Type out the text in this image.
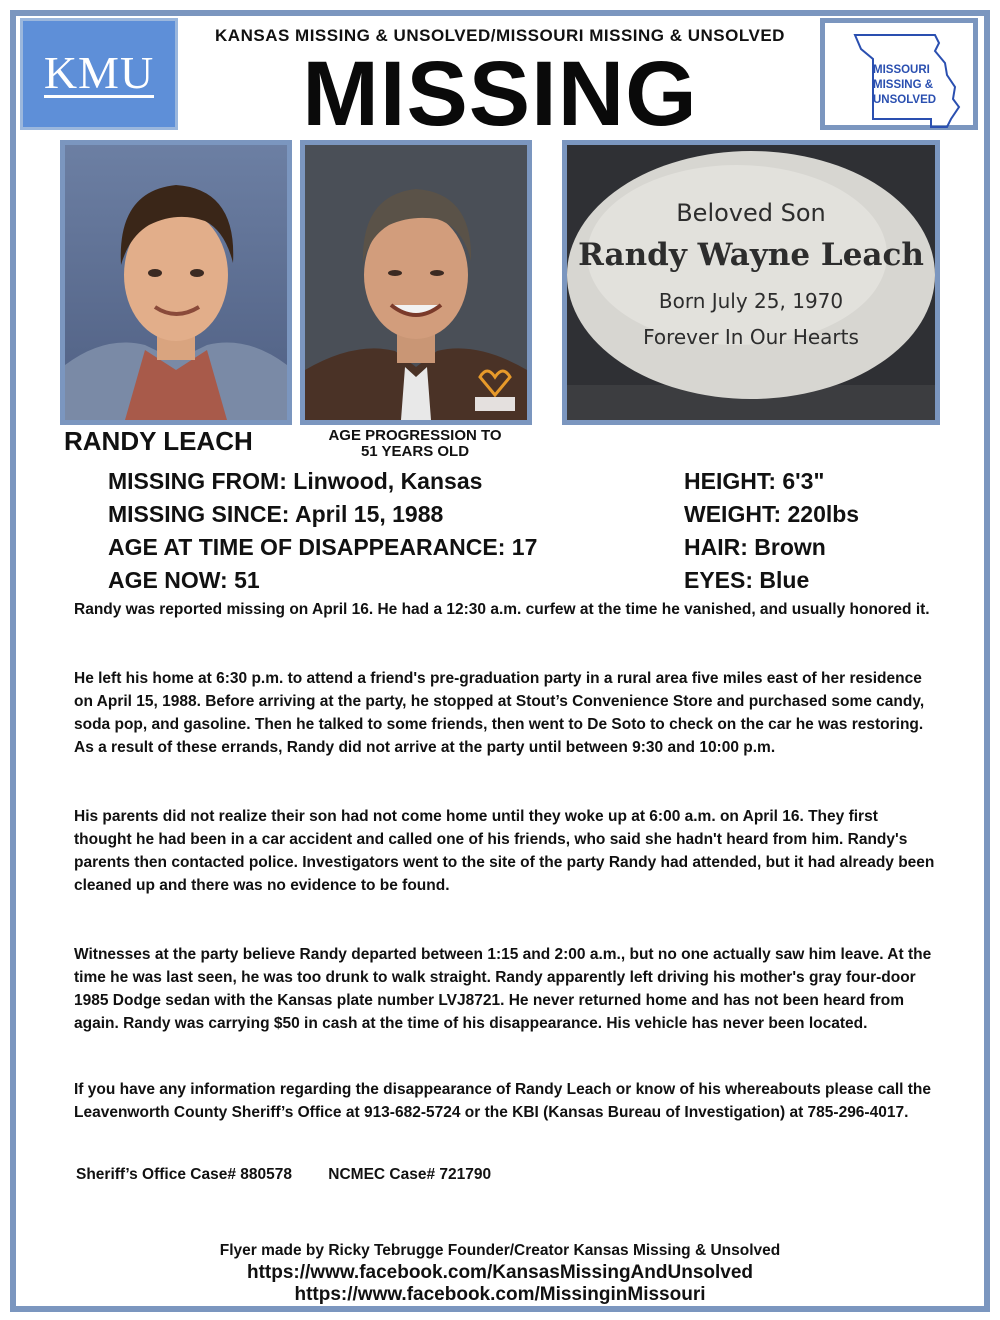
KMU
KANSAS MISSING & UNSOLVED/MISSOURI MISSING & UNSOLVED
MISSING	MISSOURI
MISSING &
UNSOLVED
Beloved Son
Randy Wayne Leach
Born July 25, 1970
Forever In Our Hearts
RANDY LEACH	AGE PROGRESSION TO
51 YEARS OLD
MISSING FROM: Linwood, Kansas
MISSING SINCE: April 15, 1988
AGE AT TIME OF DISAPPEARANCE: 17
AGE NOW: 51
HEIGHT: 6'3"
WEIGHT: 220lbs
HAIR: Brown
EYES: Blue

Randy was reported missing on April 16. He had a 12:30 a.m. curfew at the time he vanished, and usually honored it.

He left his home at 6:30 p.m. to attend a friend's pre-graduation party in a rural area five miles east of her residence on April 15, 1988. Before arriving at the party, he stopped at Stout’s Convenience Store and purchased some candy, soda pop, and gasoline. Then he talked to some friends, then went to De Soto to check on the car he was restoring. As a result of these errands, Randy did not arrive at the party until between 9:30 and 10:00 p.m.

His parents did not realize their son had not come home until they woke up at 6:00 a.m. on April 16. They first thought he had been in a car accident and called one of his friends, who said she hadn't heard from him. Randy's parents then contacted police. Investigators went to the site of the party Randy had attended, but it had already been cleaned up and there was no evidence to be found.

Witnesses at the party believe Randy departed between 1:15 and 2:00 a.m., but no one actually saw him leave. At the time he was last seen, he was too drunk to walk straight. Randy apparently left driving his mother's gray four-door 1985 Dodge sedan with the Kansas plate number LVJ8721. He never returned home and has not been heard from again. Randy was carrying $50 in cash at the time of his disappearance. His vehicle has never been located.

If you have any information regarding the disappearance of Randy Leach or know of his whereabouts please call the Leavenworth County Sheriff’s Office at 913-682-5724 or the KBI (Kansas Bureau of Investigation) at 785-296-4017.

Sheriff’s Office Case# 880578 NCMEC Case# 721790
Flyer made by Ricky Tebrugge Founder/Creator Kansas Missing & Unsolved
https://www.facebook.com/KansasMissingAndUnsolved
https://www.facebook.com/MissinginMissouri
